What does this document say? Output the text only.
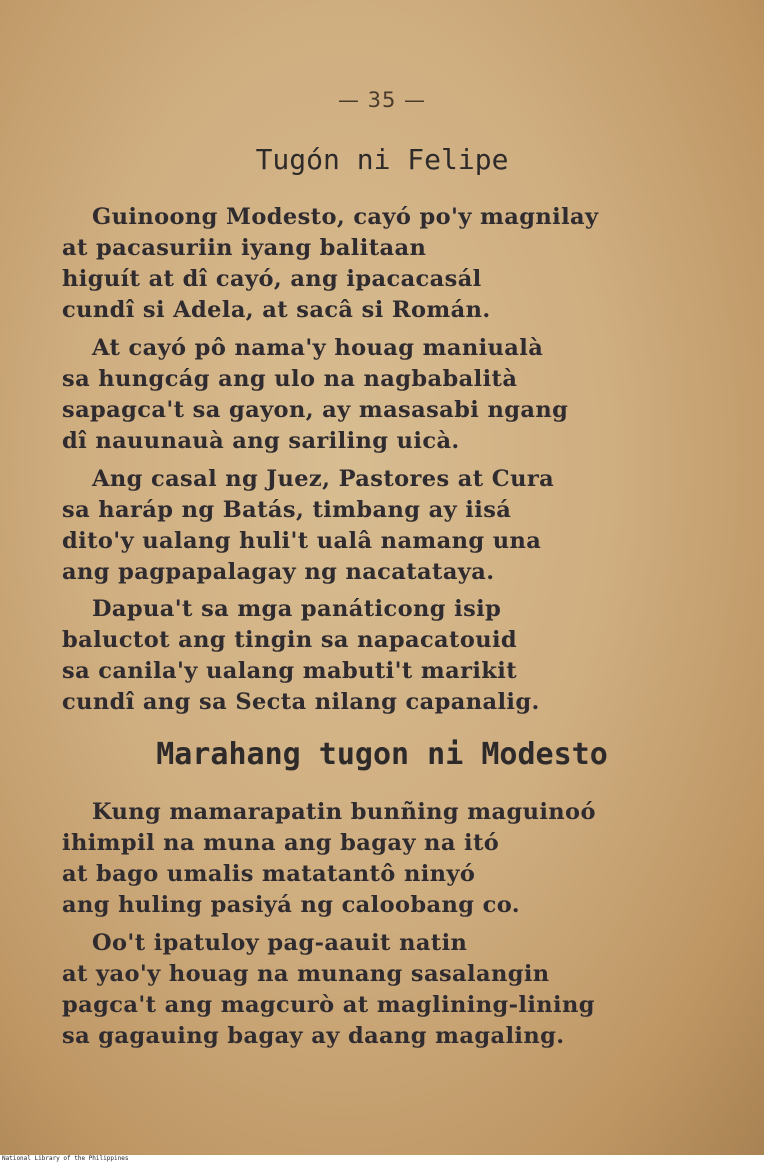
— 35 —
Tugón ni Felipe
Guinoong Modesto, cayó po'y magnilay
at pacasuriin iyang balitaan
higuít at dî cayó, ang ipacacasál
cundî si Adela, at sacâ si Román.
At cayó pô nama'y houag maniualà
sa hungcág ang ulo na nagbabalità
sapagca't sa gayon, ay masasabi ngang
dî nauunauà ang sariling uicà.
Ang casal ng Juez, Pastores at Cura
sa haráp ng Batás, timbang ay iisá
dito'y ualang huli't ualâ namang una
ang pagpapalagay ng nacatataya.
Dapua't sa mga panáticong isip
baluctot ang tingin sa napacatouid
sa canila'y ualang mabuti't marikit
cundî ang sa Secta nilang capanalig.
Marahang tugon ni Modesto
Kung mamarapatin bunñing maguinoó
ihimpil na muna ang bagay na itó
at bago umalis matatantô ninyó
ang huling pasiyá ng caloobang co.
Oo't ipatuloy pag-aauit natin
at yao'y houag na munang sasalangin
pagca't ang magcurò at maglining-lining
sa gagauing bagay ay daang magaling.
National Library of the Philippines
